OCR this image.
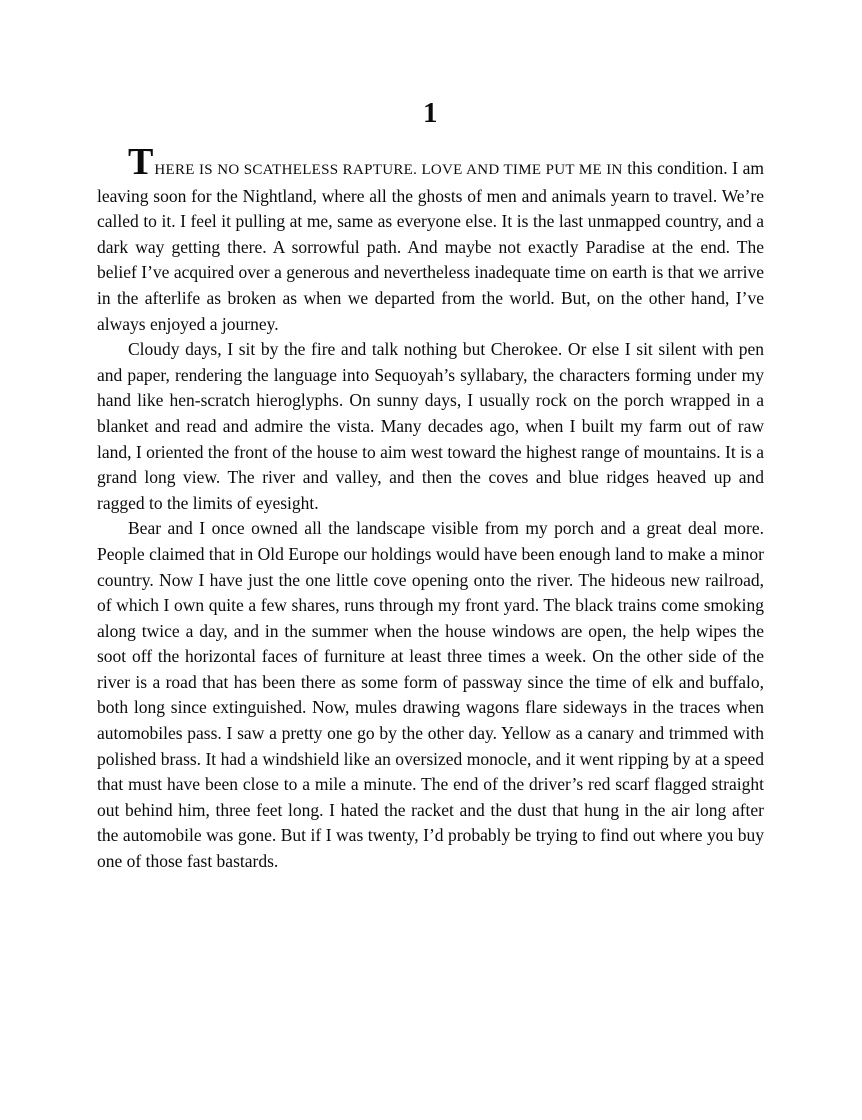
1

THERE IS NO SCATHELESS RAPTURE. LOVE AND TIME PUT ME IN this condition. I am leaving soon for the Nightland, where all the ghosts of men and animals yearn to travel. We’re called to it. I feel it pulling at me, same as everyone else. It is the last unmapped country, and a dark way getting there. A sorrowful path. And maybe not exactly Paradise at the end. The belief I’ve acquired over a generous and nevertheless inadequate time on earth is that we arrive in the afterlife as broken as when we departed from the world. But, on the other hand, I’ve always enjoyed a journey.

Cloudy days, I sit by the fire and talk nothing but Cherokee. Or else I sit silent with pen and paper, rendering the language into Sequoyah’s syllabary, the characters forming under my hand like hen-scratch hieroglyphs. On sunny days, I usually rock on the porch wrapped in a blanket and read and admire the vista. Many decades ago, when I built my farm out of raw land, I oriented the front of the house to aim west toward the highest range of mountains. It is a grand long view. The river and valley, and then the coves and blue ridges heaved up and ragged to the limits of eyesight.

Bear and I once owned all the landscape visible from my porch and a great deal more. People claimed that in Old Europe our holdings would have been enough land to make a minor country. Now I have just the one little cove opening onto the river. The hideous new railroad, of which I own quite a few shares, runs through my front yard. The black trains come smoking along twice a day, and in the summer when the house windows are open, the help wipes the soot off the horizontal faces of furniture at least three times a week. On the other side of the river is a road that has been there as some form of passway since the time of elk and buffalo, both long since extinguished. Now, mules drawing wagons flare sideways in the traces when automobiles pass. I saw a pretty one go by the other day. Yellow as a canary and trimmed with polished brass. It had a windshield like an oversized monocle, and it went ripping by at a speed that must have been close to a mile a minute. The end of the driver’s red scarf flagged straight out behind him, three feet long. I hated the racket and the dust that hung in the air long after the automobile was gone. But if I was twenty, I’d probably be trying to find out where you buy one of those fast bastards.
